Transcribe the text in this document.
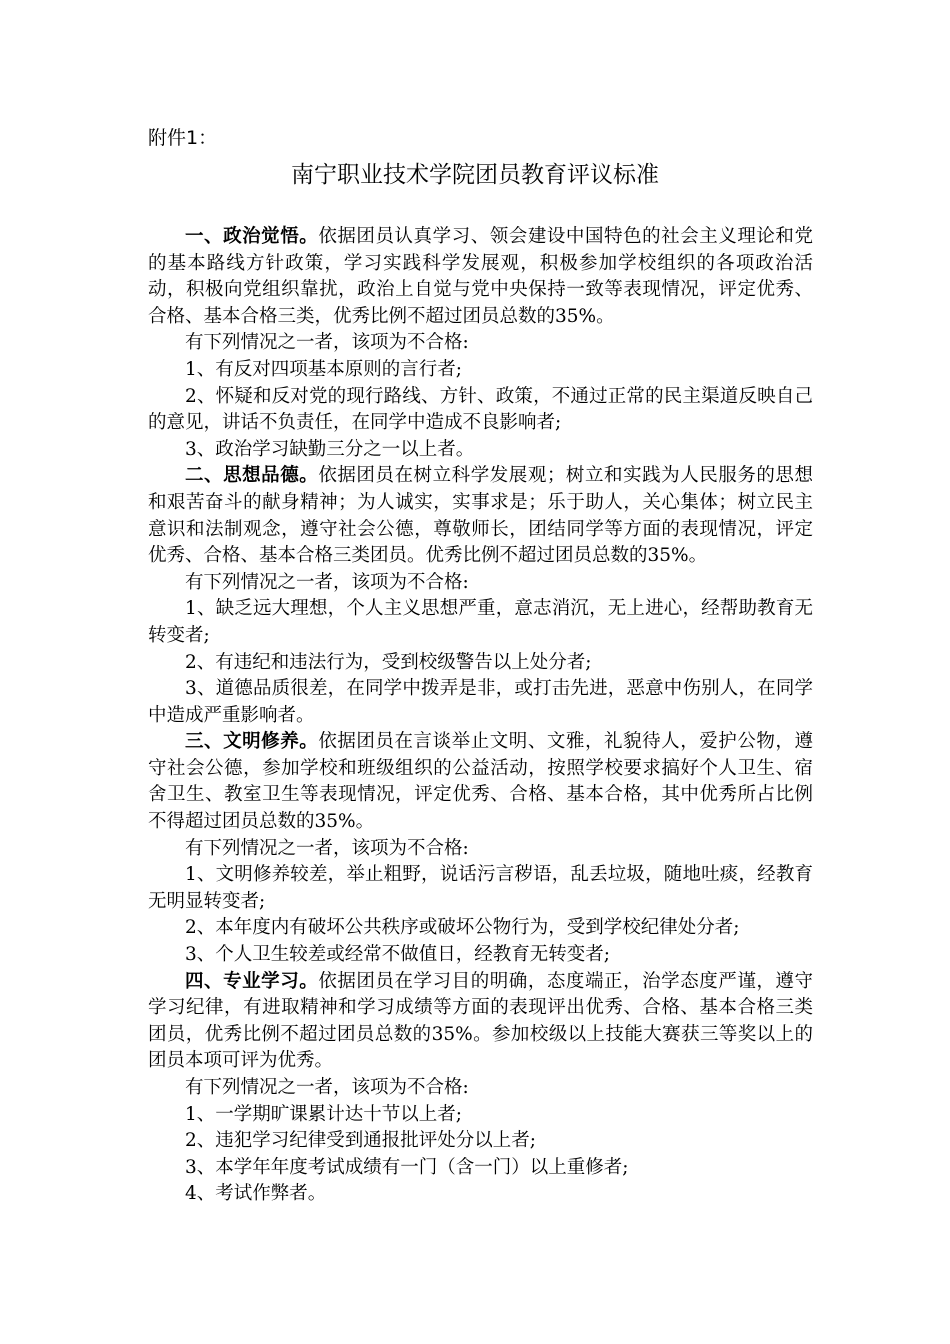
附件1：

南宁职业技术学院团员教育评议标准

一、政治觉悟。依据团员认真学习、领会建设中国特色的社会主义理论和党的基本路线方针政策，学习实践科学发展观，积极参加学校组织的各项政治活动，积极向党组织靠扰，政治上自觉与党中央保持一致等表现情况，评定优秀、合格、基本合格三类，优秀比例不超过团员总数的35%。

有下列情况之一者，该项为不合格:

1、有反对四项基本原则的言行者;

2、怀疑和反对党的现行路线、方针、政策，不通过正常的民主渠道反映自己的意见，讲话不负责任，在同学中造成不良影响者;

3、政治学习缺勤三分之一以上者。

二、思想品德。依据团员在树立科学发展观；树立和实践为人民服务的思想和艰苦奋斗的献身精神；为人诚实，实事求是；乐于助人，关心集体；树立民主意识和法制观念，遵守社会公德，尊敬师长，团结同学等方面的表现情况，评定优秀、合格、基本合格三类团员。优秀比例不超过团员总数的35%。

有下列情况之一者，该项为不合格:

1、缺乏远大理想，个人主义思想严重，意志消沉，无上进心，经帮助教育无转变者;

2、有违纪和违法行为，受到校级警告以上处分者;

3、道德品质很差，在同学中拨弄是非，或打击先进，恶意中伤别人，在同学中造成严重影响者。

三、文明修养。依据团员在言谈举止文明、文雅，礼貌待人，爱护公物，遵守社会公德，参加学校和班级组织的公益活动，按照学校要求搞好个人卫生、宿舍卫生、教室卫生等表现情况，评定优秀、合格、基本合格，其中优秀所占比例不得超过团员总数的35%。

有下列情况之一者，该项为不合格:

1、文明修养较差，举止粗野，说话污言秽语，乱丢垃圾，随地吐痰，经教育无明显转变者;

2、本年度内有破坏公共秩序或破坏公物行为，受到学校纪律处分者;

3、个人卫生较差或经常不做值日，经教育无转变者;

四、专业学习。依据团员在学习目的明确，态度端正，治学态度严谨，遵守学习纪律，有进取精神和学习成绩等方面的表现评出优秀、合格、基本合格三类团员，优秀比例不超过团员总数的35%。参加校级以上技能大赛获三等奖以上的团员本项可评为优秀。

有下列情况之一者，该项为不合格:

1、一学期旷课累计达十节以上者;

2、违犯学习纪律受到通报批评处分以上者;

3、本学年年度考试成绩有一门（含一门）以上重修者;

4、考试作弊者。
